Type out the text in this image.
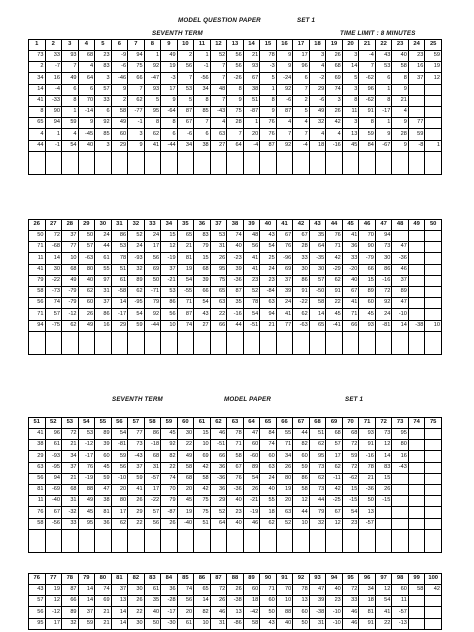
MODEL QUESTION PAPER	SET 1
SEVENTH TERM	TIME LIMIT : 8 MINUTES
1	2	3	4	5	6	7	8	9	10	11	12	13	14	15	16	17	18	19	20	21	22	23	24	25
73	33	93	68	23	-9	94	1	49	2	1	52	56	21	78	9	17	3	26	3	-4	43	40	23	59
2	-7	7	4	83	-6	75	92	19	56	-1	7	56	93	-3	9	96	4	68	14	7	53	58	16	19
34	16	49	64	3	-46	66	-47	-3	7	-56	7	-26	67	5	-24	6	-2	69	5	-62	6	8	37	12
14	-4	6	6	57	9	7	93	17	53	34	48	8	38	1	92	7	29	74	3	96	1	9		
41	-33	8	70	33	2	62	5	9	5	8	7	9	51	8	-6	2	-6	3	8	-62	8	21		
8	90	1	-14	6	58	-77	95	-64	87	85	-43	75	-87	9	87	5	49	26	11	91	-17	4		
65	94	59	9	92	49	-1	8	8	67	7	4	28	1	76	4	4	32	42	3	8	1	9	77	
4	1	4	-45	85	60	3	62	6	-6	6	63	7	20	76	7	7	4	4	13	59	9	28	59	
44	-1	54	40	3	29	9	41	-44	34	38	27	64	-4	87	92	-4	18	-16	45	84	-67	9	-8	1

26	27	28	29	30	31	32	33	34	35	36	37	38	39	40	41	42	43	44	45	46	47	48	49	50
50	72	37	50	24	86	52	24	15	65	83	53	74	48	43	67	67	35	76	41	70	94			
71	-68	77	57	44	53	24	17	12	21	79	31	40	56	54	76	28	64	71	36	90	73	47		
11	14	10	-63	61	78	-93	56	-19	81	15	26	-23	41	25	-96	33	-35	42	33	-79	30	-36		
41	30	68	80	55	51	32	69	37	19	68	95	39	41	24	69	30	30	-29	-20	66	86	46		
79	-22	49	40	97	61	89	50	-21	54	39	75	-36	23	23	37	86	57	62	40	15	-16	37		
58	-73	-79	62	31	-58	62	-71	53	-55	66	65	87	52	-84	39	91	-50	91	67	89	72	89		
56	74	-79	60	37	14	-95	79	86	71	54	63	35	78	63	24	-22	58	22	41	60	92	47		
71	57	-12	26	86	-17	54	92	56	87	43	22	-16	54	94	41	62	14	45	71	45	24	-10		
94	-75	62	49	16	29	59	-44	10	74	27	66	44	-51	21	77	-63	65	-41	66	93	-81	14	-38	10

SEVENTH TERM	MODEL PAPER	SET 1
51	52	53	54	55	56	57	58	59	60	61	62	63	64	65	66	67	68	69	70	71	72	73	74	75
41	96	72	53	89	54	77	86	45	30	15	46	78	47	84	55	44	51	68	68	93	73	95		
38	61	21	-12	39	-81	73	-18	92	22	10	-51	71	60	74	71	82	62	57	72	91	12	80		
29	-93	34	-17	60	59	-43	68	82	49	69	66	58	-60	60	34	60	95	17	59	-16	14	16		
63	-95	37	76	45	56	37	31	22	58	42	36	67	89	63	26	59	73	62	72	78	83	-43		
56	94	21	-19	59	-10	59	-57	74	68	58	-36	76	54	24	80	86	62	-11	-62	21	15			
81	-69	68	88	47	20	41	17	70	20	42	36	-36	26	40	19	58	73	42	15	-36	26			
11	-40	31	49	38	80	26	-22	79	45	75	29	40	-21	55	20	12	44	-25	-15	50	-15			
76	67	-32	45	81	17	29	57	-87	19	75	52	23	-19	18	63	44	79	67	54	13				
58	-56	33	95	36	62	22	56	26	-40	51	64	40	46	62	52	10	32	12	23	-57				

76	77	78	79	80	81	82	83	84	85	86	87	88	89	90	91	92	93	94	95	96	97	98	99	100
43	19	87	14	74	37	30	61	36	74	65	72	26	60	71	70	78	47	40	72	34	12	60	58	42
57	12	66	14	69	13	26	35	-28	56	14	26	-38	18	60	10	13	39	23	33	18	54	11		
56	-12	89	37	21	14	22	40	-17	20	82	46	13	-42	50	88	60	-38	-10	46	81	41	-57		
95	17	32	59	21	14	30	50	-30	61	10	31	-86	58	43	40	50	31	-10	46	91	22	-13		
